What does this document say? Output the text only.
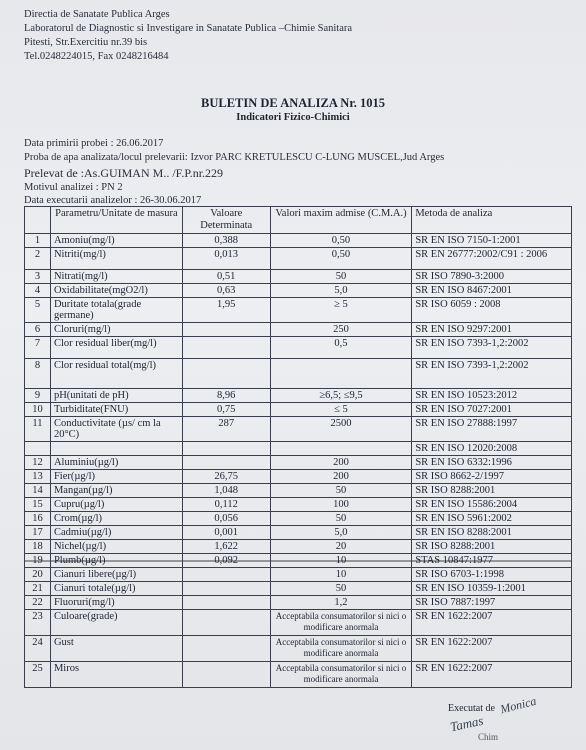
Directia de Sanatate Publica Arges
Laboratorul de Diagnostic si Investigare in Sanatate Publica –Chimie Sanitara
Pitesti, Str.Exercitiu nr.39 bis
Tel.0248224015, Fax 0248216484
BULETIN DE ANALIZA Nr. 1015
Indicatori Fizico-Chimici
Data primirii probei : 26.06.2017
Proba de apa analizata/locul prelevarii: Izvor PARC KRETULESCU C-LUNG MUSCEL,Jud Arges
Prelevat de :As.GUIMAN M.. /F.P.nr.229
Motivul analizei : PN 2
Data executarii analizelor : 26-30.06.2017
	Parametru/Unitate de masura	Valoare Determinata	Valori maxim admise (C.M.A.)	Metoda de analiza
1	Amoniu(mg/l)	0,388	0,50	SR EN ISO 7150-1:2001
2	Nitriti(mg/l)	0,013	0,50	SR EN 26777:2002/C91 : 2006
3	Nitrati(mg/l)	0,51	50	SR ISO 7890-3:2000
4	Oxidabilitate(mgO2/l)	0,63	5,0	SR EN ISO 8467:2001
5	Duritate totala(grade germane)	1,95	≥ 5	SR ISO 6059 : 2008
6	Cloruri(mg/l)		250	SR EN ISO 9297:2001
7	Clor residual liber(mg/l)		0,5	SR EN ISO 7393-1,2:2002
8	Clor residual total(mg/l)			SR EN ISO 7393-1,2:2002
9	pH(unitati de pH)	8,96	≥6,5; ≤9,5	SR EN ISO 10523:2012
10	Turbiditate(FNU)	0,75	≤ 5	SR EN ISO 7027:2001
11	Conductivitate (µs/ cm la 20°C)	287	2500	SR EN ISO 27888:1997
				SR EN ISO 12020:2008
12	Aluminiu(µg/l)		200	SR EN ISO 6332:1996
13	Fier(µg/l)	26,75	200	SR ISO 8662-2/1997
14	Mangan(µg/l)	1,048	50	SR ISO 8288:2001
15	Cupru(µg/l)	0,112	100	SR EN ISO 15586:2004
16	Crom(µg/l)	0,056	50	SR EN ISO 5961:2002
17	Cadmiu(µg/l)	0,001	5,0	SR EN ISO 8288:2001
18	Nichel(µg/l)	1,622	20	SR ISO 8288:2001
19	Plumb(µg/l)	0,092	10	STAS 10847:1977
20	Cianuri libere(µg/l)		10	SR ISO 6703-1:1998
21	Cianuri totale(µg/l)		50	SR EN ISO 10359-1:2001
22	Fluoruri(mg/l)		1,2	SR ISO 7887:1997
23	Culoare(grade)		Acceptabila consumatorilor si nici o modificare anormala	SR EN 1622:2007
24	Gust		Acceptabila consumatorilor si nici o modificare anormala	SR EN 1622:2007
25	Miros		Acceptabila consumatorilor si nici o modificare anormala	SR EN 1622:2007
Executat de
Tamas
Monica
Chim
